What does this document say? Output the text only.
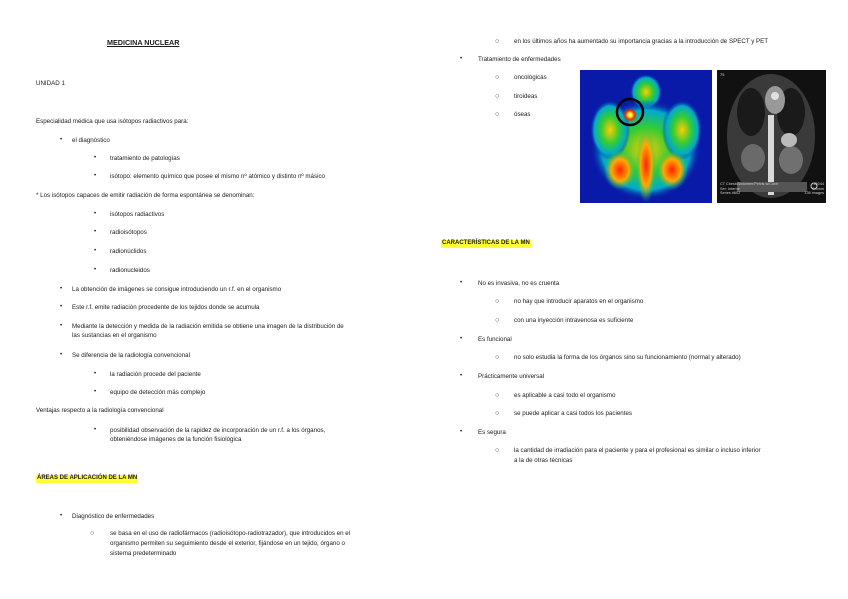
MEDICINA NUCLEAR
UNIDAD 1
Especialidad médica que usa isótopos radiactivos para:
• el diagnóstico
• tratamiento de patologías
• isótopo: elemento químico que posee el mismo nº atómico y distinto nº másico
* Los isótopos capaces de emitir radiación de forma espontánea se denominan:
• isótopos radiactivos
• radioisótopos
• radionúclidos
• radionucleidos
• La obtención de imágenes se consigue introduciendo un r.f. en el organismo
• Este r.f. emite radiación procedente de los tejidos donde se acumula
• Mediante la detección y medida de la radiación emitida se obtiene una imagen de la distribución de
las sustancias en el organismo
• Se diferencia de la radiología convencional
• la radiación procede del paciente
• equipo de detección más complejo
Ventajas respecto a la radiología convencional
• posibilidad observación de la rapidez de incorporación de un r.f. a los órganos,
obteniéndose imágenes de la función fisiológica
ÁREAS DE APLICACIÓN DE LA MN
• Diagnóstico de enfermedades
○	se basa en el uso de radiofármacos (radioisótopo-radiotrazador), que introducidos en el
organismo permiten su seguimiento desde el exterior, fijándose en un tejido, órgano o
sistema predeterminado
○ en los últimos años ha aumentado su importancia gracias a la introducción de SPECT y PET
•	Tratamiento de enfermedades
○ oncológicas
○ tiroideas
○ óseas
75
CT Chest/Abdomen/Pelvis w/Contr
Ser: Interne
Series #602
#5044
2.5mm
136 images
CARACTERÍSTICAS DE LA MN
•	No es invasiva, no es cruenta
○ no hay que introducir aparatos en el organismo
○ con una inyección intravenosa es suficiente
•	Es funcional
○ no solo estudia la forma de los órganos sino su funcionamiento (normal y alterado)
•	Prácticamente universal
○ es aplicable a casi todo el organismo
○ se puede aplicar a casi todos los pacientes
•	Es segura
○ la cantidad de irradiación para el paciente y para el profesional es similar o incluso inferior
a la de otras técnicas
